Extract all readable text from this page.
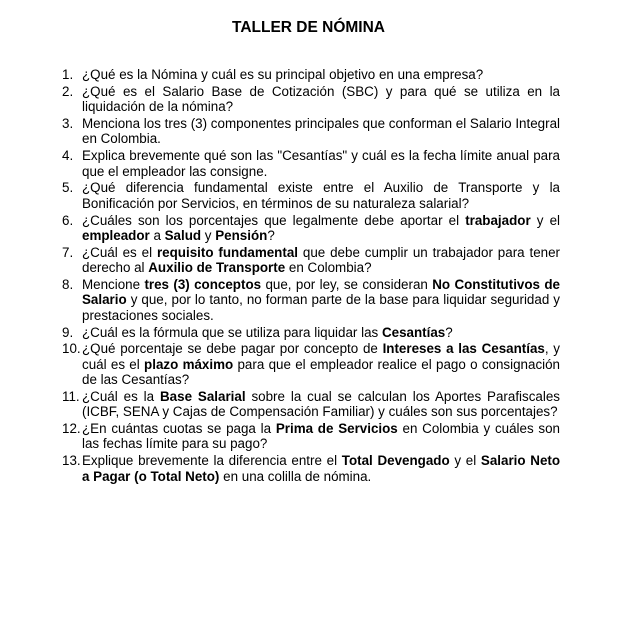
TALLER DE NÓMINA
1. ¿Qué es la Nómina y cuál es su principal objetivo en una empresa?
2. ¿Qué es el Salario Base de Cotización (SBC) y para qué se utiliza en la liquidación de la nómina?
3. Menciona los tres (3) componentes principales que conforman el Salario Integral en Colombia.
4. Explica brevemente qué son las "Cesantías" y cuál es la fecha límite anual para que el empleador las consigne.
5. ¿Qué diferencia fundamental existe entre el Auxilio de Transporte y la Bonificación por Servicios, en términos de su naturaleza salarial?
6. ¿Cuáles son los porcentajes que legalmente debe aportar el trabajador y el empleador a Salud y Pensión?
7. ¿Cuál es el requisito fundamental que debe cumplir un trabajador para tener derecho al Auxilio de Transporte en Colombia?
8. Mencione tres (3) conceptos que, por ley, se consideran No Constitutivos de Salario y que, por lo tanto, no forman parte de la base para liquidar seguridad y prestaciones sociales.
9. ¿Cuál es la fórmula que se utiliza para liquidar las Cesantías?
10. ¿Qué porcentaje se debe pagar por concepto de Intereses a las Cesantías, y cuál es el plazo máximo para que el empleador realice el pago o consignación de las Cesantías?
11. ¿Cuál es la Base Salarial sobre la cual se calculan los Aportes Parafiscales (ICBF, SENA y Cajas de Compensación Familiar) y cuáles son sus porcentajes?
12. ¿En cuántas cuotas se paga la Prima de Servicios en Colombia y cuáles son las fechas límite para su pago?
13. Explique brevemente la diferencia entre el Total Devengado y el Salario Neto a Pagar (o Total Neto) en una colilla de nómina.
